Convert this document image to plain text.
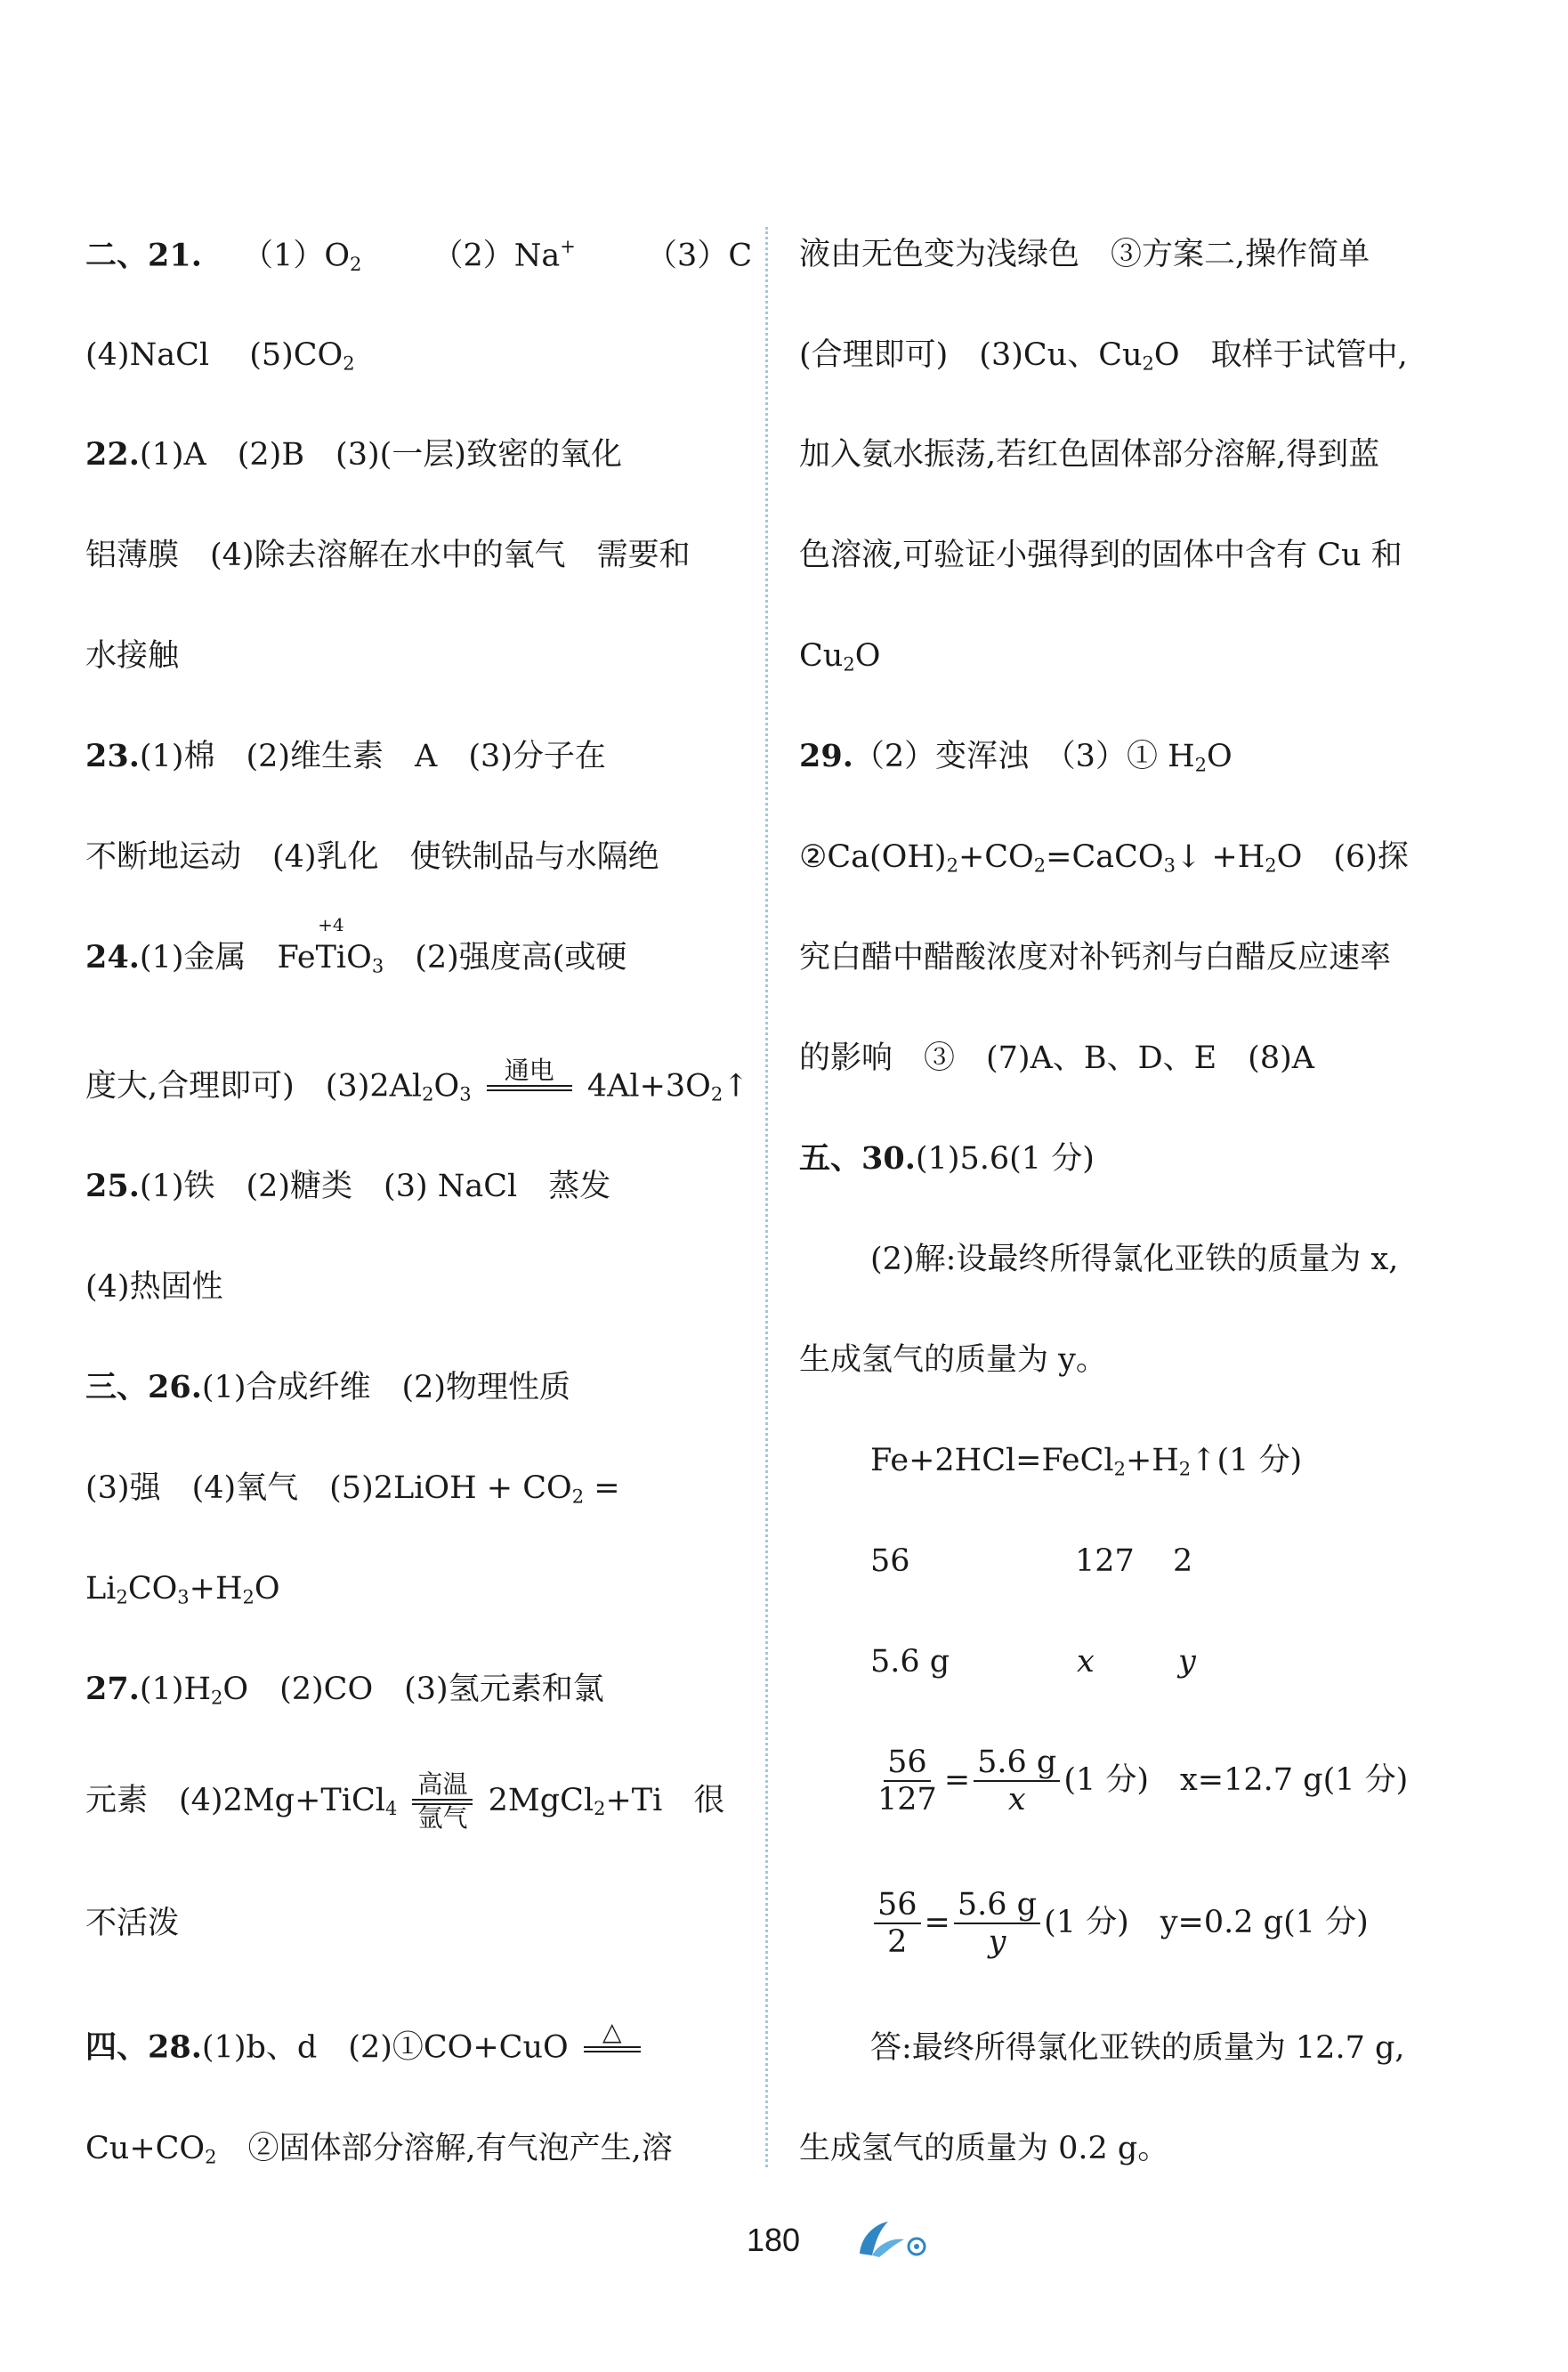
二、21. $(1)O_2$ （2）Na+ （3）C
(4)NaCl $(5)CO_2$
22.(1)A　(2)B　(3)(一层)致密的氧化
铝薄膜　(4)除去溶解在水中的氧气　需要和
水接触
23.(1)棉　(2)维生素　A　(3)分子在
不断地运动　(4)乳化　使铁制品与水隔绝
24.(1)金属　Fe
+4
TiO$_3$　(2)强度高(或硬
度大,合理即可)　$(3)2Al_2O_3$
通电 $4Al+3O_2↑$
25.(1)铁　(2)糖类　(3) NaCl　蒸发
(4)热固性
三、26.(1)合成纤维　(2)物理性质
(3)强　(4)氧气　(5)2LiOH + $CO_2$ =
$Li_2CO_3+H_2O$
$27.(1)H_2O$　(2)CO　(3)氢元素和氯
元素　(4)2Mg+TiCl$_4$
高温
氩气 2MgCl$_2$+Ti　很
不活泼
四、28.(1)b、d　(2)①CO+CuO △
$Cu+CO_2$　②固体部分溶解,有气泡产生,溶
液由无色变为浅绿色　③方案二,操作简单
(合理即可)　(3)Cu、$Cu_2O$　取样于试管中,
加入氨水振荡,若红色固体部分溶解,得到蓝
色溶液,可验证小强得到的固体中含有 Cu 和
$Cu_2O$
29.（2）变浑浊　（3）① $H_2O$
$②Ca(OH)_2+CO_2=CaCO_3↓ +H_2O$　(6)探
究白醋中醋酸浓度对补钙剂与白醋反应速率
的影响　③　(7)A、B、D、E　(8)A
五、30.(1)5.6(1 分)
(2)解:设最终所得氯化亚铁的质量为 x,
生成氢气的质量为 y。
$Fe+2HCl=FeCl_2+H_2↑(1$ 分)
56	127 2
5.6 g	x	y
$\frac{56}{127} = \frac{5.6 g}{x} (1$ 分)　x=12.7 g(1 分)
$\frac{56}{2} = \frac{5.6 g}{y} (1$ 分)　y=0.2 g(1 分)
答:最终所得氯化亚铁的质量为 12.7 g,
生成氢气的质量为 0.2 g。
180
